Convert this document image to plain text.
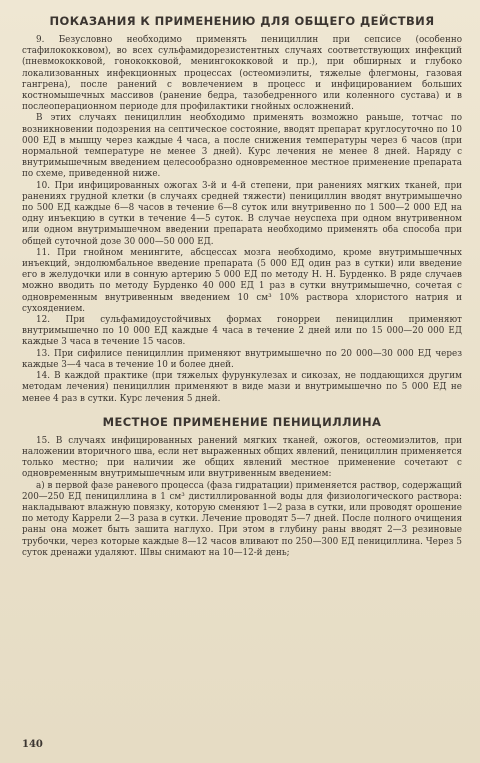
ПОКАЗАНИЯ К ПРИМЕНЕНИЮ ДЛЯ ОБЩЕГО ДЕЙСТВИЯ

9. Безусловно необходимо применять пенициллин при сепсисе (особенно стафилококковом), во всех сульфамидорезистентных случаях соответствующих инфекций (пневмококковой, гонококковой, менингококковой и пр.), при обширных и глубоко локализованных инфекционных процессах (остеомиэлиты, тяжелые флегмоны, газовая гангрена), после ранений с вовлечением в процесс и инфицированием больших костномышечных массивов (ранение бедра, тазобедренного или коленного сустава) и в послеоперационном периоде для профилактики гнойных осложнений.

В этих случаях пенициллин необходимо применять возможно раньше, тотчас по возникновении подозрения на септическое состояние, вводят препарат круглосуточно по 10 000 ЕД в мышцу через каждые 4 часа, а после снижения температуры через 6 часов (при нормальной температуре не менее 3 дней). Курс лечения не менее 8 дней. Наряду с внутримышечным введением целесообразно одновременное местное применение препарата по схеме, приведенной ниже.

10. При инфицированных ожогах 3-й и 4-й степени, при ранениях мягких тканей, при ранениях грудной клетки (в случаях средней тяжести) пенициллин вводят внутримышечно по 500 ЕД каждые 6—8 часов в течение 6—8 суток или внутривенно по 1 500—2 000 ЕД на одну инъекцию в сутки в течение 4—5 суток. В случае неуспеха при одном внутривенном или одном внутримышечном введении препарата необходимо применять оба способа при общей суточной дозе 30 000—50 000 ЕД.

11. При гнойном менингите, абсцессах мозга необходимо, кроме внутримышечных инъекций, эндолюмбальное введение препарата (5 000 ЕД один раз в сутки) или введение его в желудочки или в сонную артерию 5 000 ЕД по методу Н. Н. Бурденко. В ряде случаев можно вводить по методу Бурденко 40 000 ЕД 1 раз в сутки внутримышечно, сочетая с одновременным внутривенным введением 10 см³ 10% раствора хлористого натрия и сухоядением.

12. При сульфамидоустойчивых формах гонорреи пенициллин применяют внутримышечно по 10 000 ЕД каждые 4 часа в течение 2 дней или по 15 000—20 000 ЕД каждые 3 часа в течение 15 часов.

13. При сифилисе пенициллин применяют внутримышечно по 20 000—30 000 ЕД через каждые 3—4 часа в течение 10 и более дней.

14. В каждой практике (при тяжелых фурункулезах и сикозах, не поддающихся другим методам лечения) пенициллин применяют в виде мази и внутримышечно по 5 000 ЕД не менее 4 раз в сутки. Курс лечения 5 дней.

МЕСТНОЕ ПРИМЕНЕНИЕ ПЕНИЦИЛЛИНА

15. В случаях инфицированных ранений мягких тканей, ожогов, остеомиэлитов, при наложении вторичного шва, если нет выраженных общих явлений, пенициллин применяется только местно; при наличии же общих явлений местное применение сочетают с одновременным внутримышечным или внутривенным введением:

а) в первой фазе раневого процесса (фаза гидратации) применяется раствор, содержащий 200—250 ЕД пенициллина в 1 см³ дистиллированной воды для физиологического раствора: накладывают влажную повязку, которую сменяют 1—2 раза в сутки, или проводят орошение по методу Каррели 2—3 раза в сутки. Лечение проводят 5—7 дней. После полного очищения раны она может быть зашита наглухо. При этом в глубину раны вводят 2—3 резиновые трубочки, через которые каждые 8—12 часов вливают по 250—300 ЕД пенициллина. Через 5 суток дренажи удаляют. Швы снимают на 10—12-й день;

140
